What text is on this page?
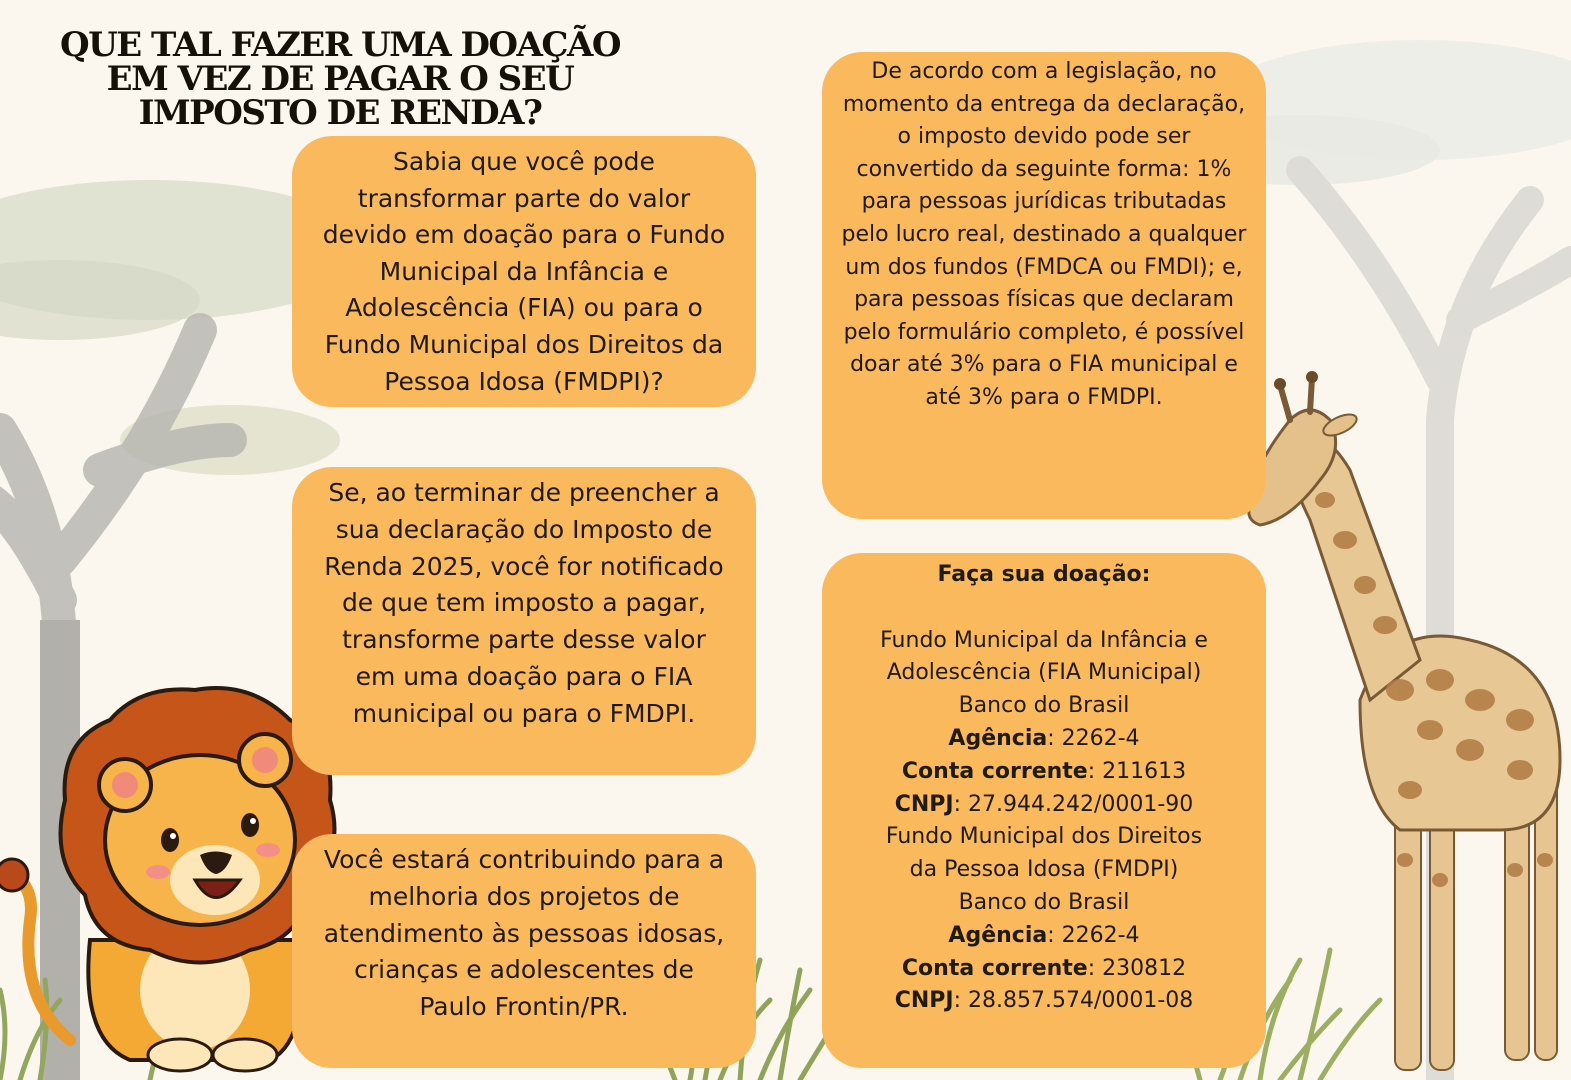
QUE TAL FAZER UMA DOAÇÃO
EM VEZ DE PAGAR O SEU
IMPOSTO DE RENDA?
Sabia que você pode transformar parte do valor devido em doação para o Fundo Municipal da Infância e Adolescência (FIA) ou para o Fundo Municipal dos Direitos da Pessoa Idosa (FMDPI)?
Se, ao terminar de preencher a sua declaração do Imposto de Renda 2025, você for notificado de que tem imposto a pagar, transforme parte desse valor em uma doação para o FIA municipal ou para o FMDPI.
Você estará contribuindo para a melhoria dos projetos de atendimento às pessoas idosas, crianças e adolescentes de Paulo Frontin/PR.
De acordo com a legislação, no momento da entrega da declaração, o imposto devido pode ser convertido da seguinte forma: 1% para pessoas jurídicas tributadas pelo lucro real, destinado a qualquer um dos fundos (FMDCA ou FMDI); e, para pessoas físicas que declaram pelo formulário completo, é possível doar até 3% para o FIA municipal e até 3% para o FMDPI.
Faça sua doação:

Fundo Municipal da Infância e
Adolescência (FIA Municipal)
Banco do Brasil
Agência: 2262-4
Conta corrente: 211613
CNPJ: 27.944.242/0001-90
Fundo Municipal dos Direitos
da Pessoa Idosa (FMDPI)
Banco do Brasil
Agência: 2262-4
Conta corrente: 230812
CNPJ: 28.857.574/0001-08
